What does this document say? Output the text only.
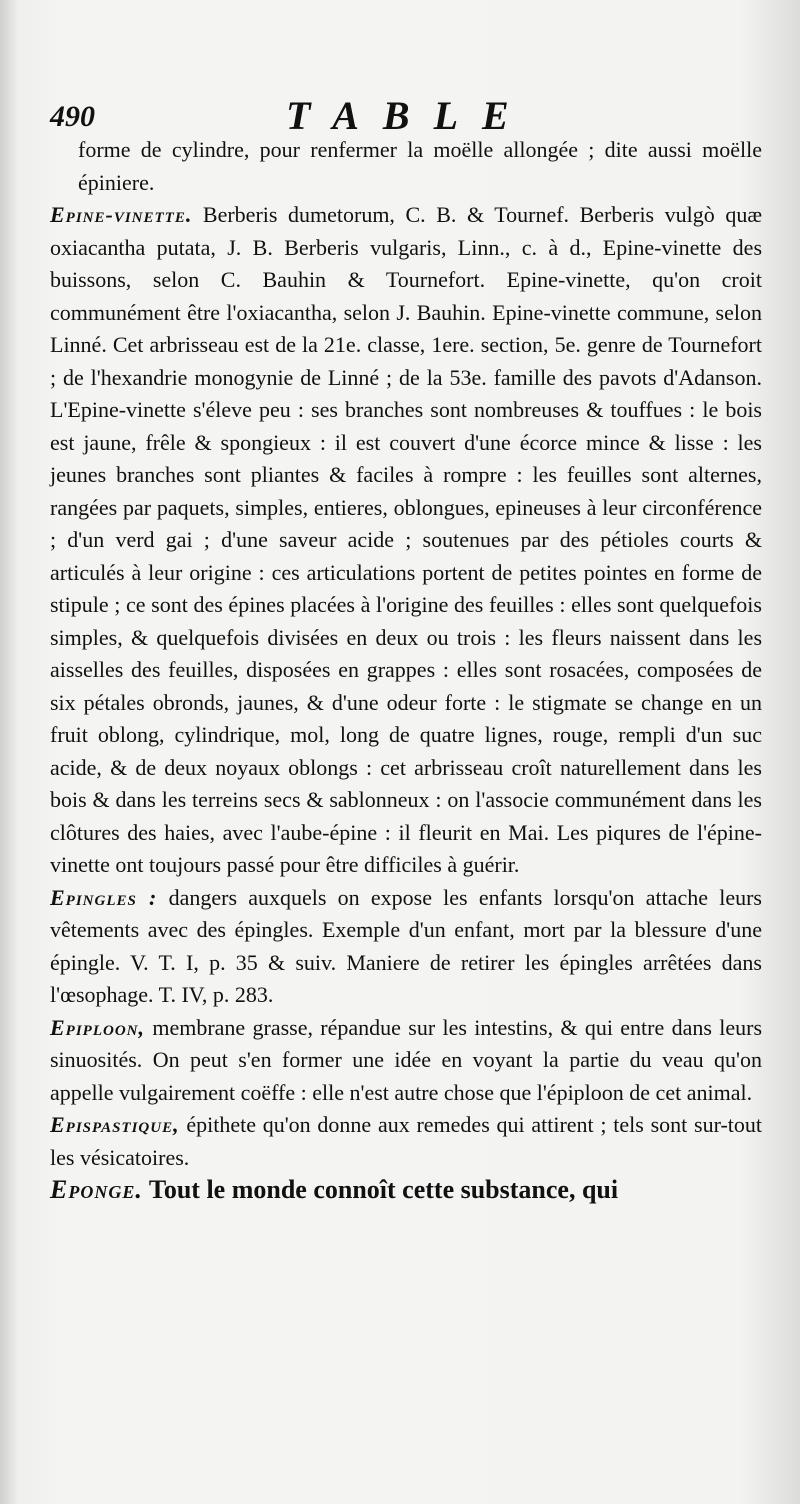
490	TABLE

forme de cylindre, pour renfermer la moëlle allongée ; dite aussi moëlle épiniere.

Epine-vinette. Berberis dumetorum, C. B. & Tournef. Berberis vulgò quæ oxiacantha putata, J. B. Berberis vulgaris, Linn., c. à d., Epine-vinette des buissons, selon C. Bauhin & Tournefort. Epine-vinette, qu'on croit communément être l'oxiacantha, selon J. Bauhin. Epine-vinette commune, selon Linné. Cet arbrisseau est de la 21e. classe, 1ere. section, 5e. genre de Tournefort ; de l'hexandrie monogynie de Linné ; de la 53e. famille des pavots d'Adanson. L'Epine-vinette s'éleve peu : ses branches sont nombreuses & touffues : le bois est jaune, frêle & spongieux : il est couvert d'une écorce mince & lisse : les jeunes branches sont pliantes & faciles à rompre : les feuilles sont alternes, rangées par paquets, simples, entieres, oblongues, epineuses à leur circonférence ; d'un verd gai ; d'une saveur acide ; soutenues par des pétioles courts & articulés à leur origine : ces articulations portent de petites pointes en forme de stipule ; ce sont des épines placées à l'origine des feuilles : elles sont quelquefois simples, & quelquefois divisées en deux ou trois : les fleurs naissent dans les aisselles des feuilles, disposées en grappes : elles sont rosacées, composées de six pétales obronds, jaunes, & d'une odeur forte : le stigmate se change en un fruit oblong, cylindrique, mol, long de quatre lignes, rouge, rempli d'un suc acide, & de deux noyaux oblongs : cet arbrisseau croît naturellement dans les bois & dans les terreins secs & sablonneux : on l'associe communément dans les clôtures des haies, avec l'aube-épine : il fleurit en Mai. Les piqures de l'épine-vinette ont toujours passé pour être difficiles à guérir.

Epingles : dangers auxquels on expose les enfants lorsqu'on attache leurs vêtements avec des épingles. Exemple d'un enfant, mort par la blessure d'une épingle. V. T. I, p. 35 & suiv. Maniere de retirer les épingles arrêtées dans l'œsophage. T. IV, p. 283.

Epiploon, membrane grasse, répandue sur les intestins, & qui entre dans leurs sinuosités. On peut s'en former une idée en voyant la partie du veau qu'on appelle vulgairement coëffe : elle n'est autre chose que l'épiploon de cet animal.

Epispastique, épithete qu'on donne aux remedes qui attirent ; tels sont sur-tout les vésicatoires.

Eponge. Tout le monde connoît cette substance, qui
